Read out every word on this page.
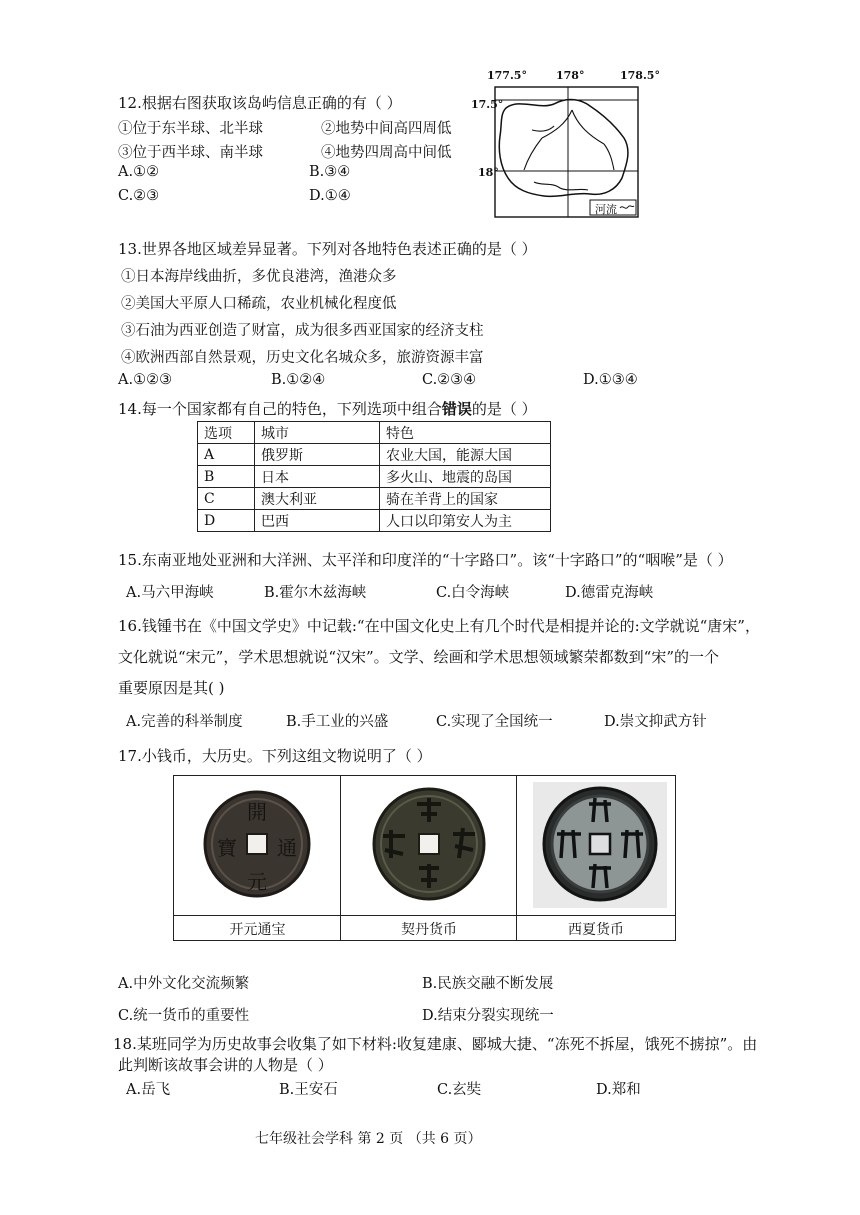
12.根据右图获取该岛屿信息正确的有（ ）
①位于东半球、北半球	②地势中间高四周低
③位于西半球、南半球	④地势四周高中间低
A.①②	B.③④
C.②③	D.①④
177.5°	178°	178.5°
17.5°
18°
河流
13.世界各地区域差异显著。下列对各地特色表述正确的是（ ）
①日本海岸线曲折，多优良港湾，渔港众多
②美国大平原人口稀疏，农业机械化程度低
③石油为西亚创造了财富，成为很多西亚国家的经济支柱
④欧洲西部自然景观，历史文化名城众多，旅游资源丰富
A.①②③	B.①②④	C.②③④	D.①③④
14.每一个国家都有自己的特色，下列选项中组合错误的是（ ）
选项	城市	特色
A	俄罗斯	农业大国，能源大国
B	日本	多火山、地震的岛国
C	澳大利亚	骑在羊背上的国家
D	巴西	人口以印第安人为主
15.东南亚地处亚洲和大洋洲、太平洋和印度洋的“十字路口”。该“十字路口”的“咽喉”是（ ）
A.马六甲海峡	B.霍尔木兹海峡	C.白令海峡	D.德雷克海峡
16.钱锺书在《中国文学史》中记载:“在中国文化史上有几个时代是相提并论的:文学就说“唐宋”，
文化就说“宋元”，学术思想就说“汉宋”。文学、绘画和学术思想领域繁荣都数到“宋”的一个
重要原因是其( )
A.完善的科举制度	B.手工业的兴盛	C.实现了全国统一	D.崇文抑武方针
17.小钱币，大历史。下列这组文物说明了（ ）
開
通
元
寶
开元通宝	契丹货币	西夏货币
A.中外文化交流频繁	B.民族交融不断发展
C.统一货币的重要性	D.结束分裂实现统一
18.某班同学为历史故事会收集了如下材料:收复建康、郾城大捷、“冻死不拆屋，饿死不掳掠”。由
此判断该故事会讲的人物是（ ）
A.岳飞	B.王安石	C.玄奘	D.郑和
七年级社会学科 第 2 页 （共 6 页）
